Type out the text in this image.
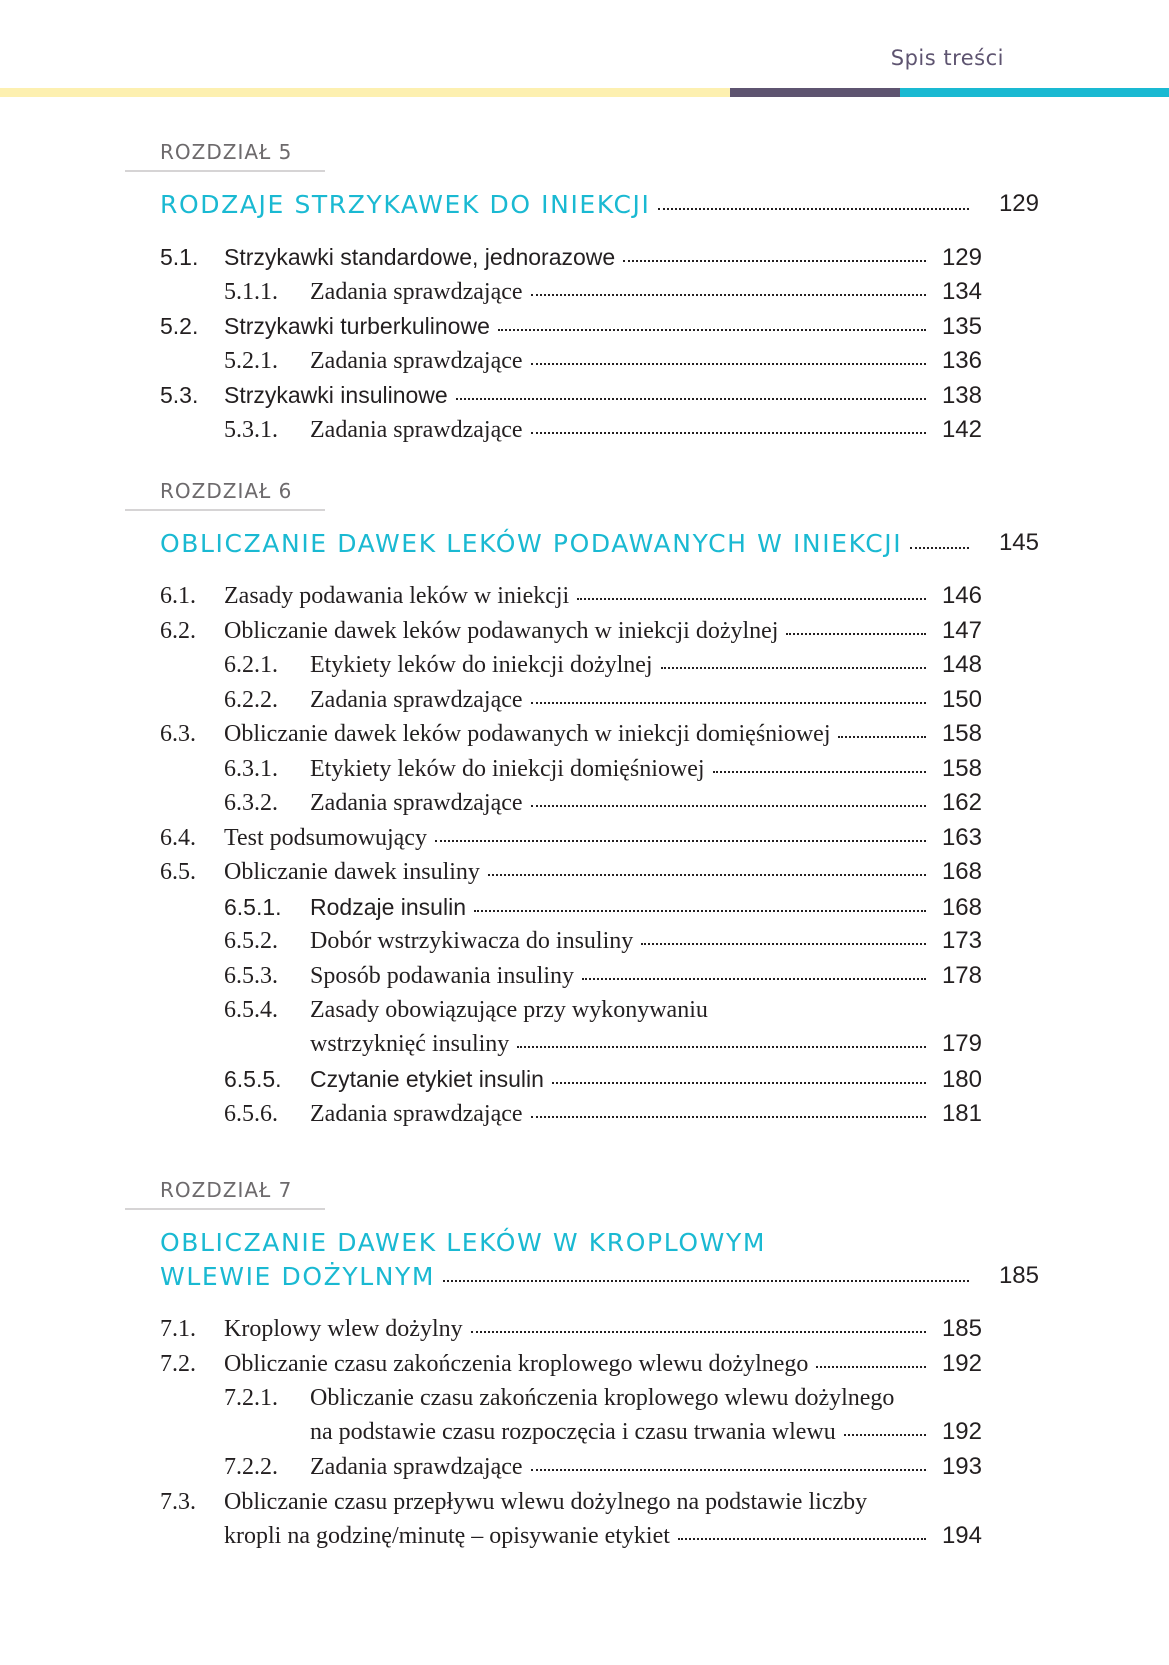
Spis treści
ROZDZIAŁ 5
RODZAJE STRZYKAWEK DO INIEKCJI	129
5.1.	Strzykawki standardowe, jednorazowe	129
5.1.1.	Zadania sprawdzające	134
5.2.	Strzykawki turberkulinowe	135
5.2.1.	Zadania sprawdzające	136
5.3.	Strzykawki insulinowe	138
5.3.1.	Zadania sprawdzające	142
ROZDZIAŁ 6
OBLICZANIE DAWEK LEKÓW PODAWANYCH W INIEKCJI	145
6.1.	Zasady podawania leków w iniekcji	146
6.2.	Obliczanie dawek leków podawanych w iniekcji dożylnej	147
6.2.1.	Etykiety leków do iniekcji dożylnej	148
6.2.2.	Zadania sprawdzające	150
6.3.	Obliczanie dawek leków podawanych w iniekcji domięśniowej	158
6.3.1.	Etykiety leków do iniekcji domięśniowej	158
6.3.2.	Zadania sprawdzające	162
6.4.	Test podsumowujący	163
6.5.	Obliczanie dawek insuliny	168
6.5.1.	Rodzaje insulin	168
6.5.2.	Dobór wstrzykiwacza do insuliny	173
6.5.3.	Sposób podawania insuliny	178
6.5.4.	Zasady obowiązujące przy wykonywaniu
wstrzyknięć insuliny	179
6.5.5.	Czytanie etykiet insulin	180
6.5.6.	Zadania sprawdzające	181
ROZDZIAŁ 7
OBLICZANIE DAWEK LEKÓW W KROPLOWYM
WLEWIE DOŻYLNYM	185
7.1.	Kroplowy wlew dożylny	185
7.2.	Obliczanie czasu zakończenia kroplowego wlewu dożylnego	192
7.2.1.	Obliczanie czasu zakończenia kroplowego wlewu dożylnego
na podstawie czasu rozpoczęcia i czasu trwania wlewu	192
7.2.2.	Zadania sprawdzające	193
7.3.	Obliczanie czasu przepływu wlewu dożylnego na podstawie liczby
kropli na godzinę/minutę – opisywanie etykiet	194
